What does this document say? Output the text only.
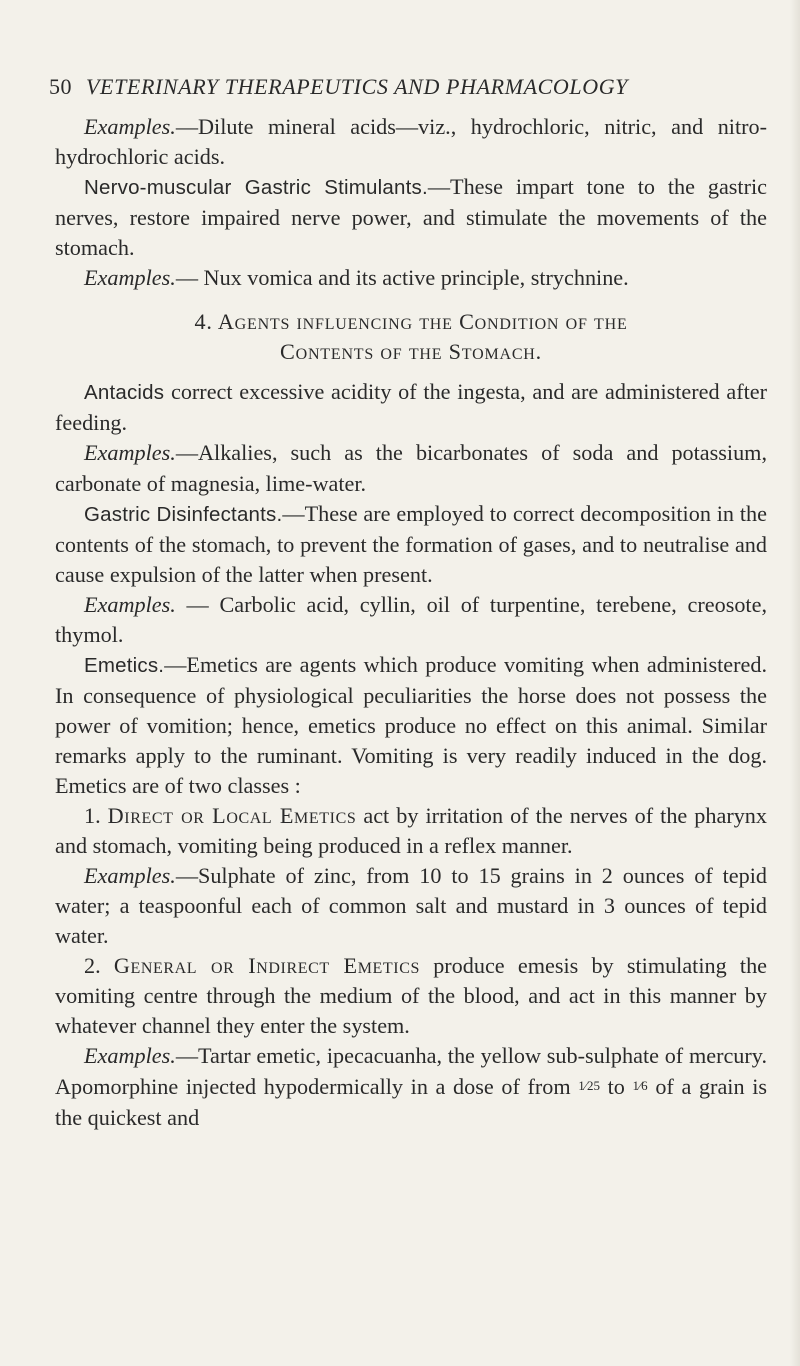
50 VETERINARY THERAPEUTICS AND PHARMACOLOGY

Examples.—Dilute mineral acids—viz., hydrochloric, nitric, and nitro-hydrochloric acids.

Nervo-muscular Gastric Stimulants.—These impart tone to the gastric nerves, restore impaired nerve power, and stimulate the movements of the stomach.

Examples.— Nux vomica and its active principle, strychnine.

4. Agents influencing the Condition of the
Contents of the Stomach.

Antacids correct excessive acidity of the ingesta, and are administered after feeding.

Examples.—Alkalies, such as the bicarbonates of soda and potassium, carbonate of magnesia, lime-water.

Gastric Disinfectants.—These are employed to correct decomposition in the contents of the stomach, to prevent the formation of gases, and to neutralise and cause expulsion of the latter when present.

Examples. — Carbolic acid, cyllin, oil of turpentine, terebene, creosote, thymol.

Emetics.—Emetics are agents which produce vomiting when administered. In consequence of physiological peculiarities the horse does not possess the power of vomition; hence, emetics produce no effect on this animal. Similar remarks apply to the ruminant. Vomiting is very readily induced in the dog. Emetics are of two classes :

1. Direct or Local Emetics act by irritation of the nerves of the pharynx and stomach, vomiting being produced in a reflex manner.

Examples.—Sulphate of zinc, from 10 to 15 grains in 2 ounces of tepid water; a teaspoonful each of common salt and mustard in 3 ounces of tepid water.

2. General or Indirect Emetics produce emesis by stimulating the vomiting centre through the medium of the blood, and act in this manner by whatever channel they enter the system.

Examples.—Tartar emetic, ipecacuanha, the yellow sub-sulphate of mercury. Apomorphine injected hypodermically in a dose of from 1⁄25 to 1⁄6 of a grain is the quickest and
